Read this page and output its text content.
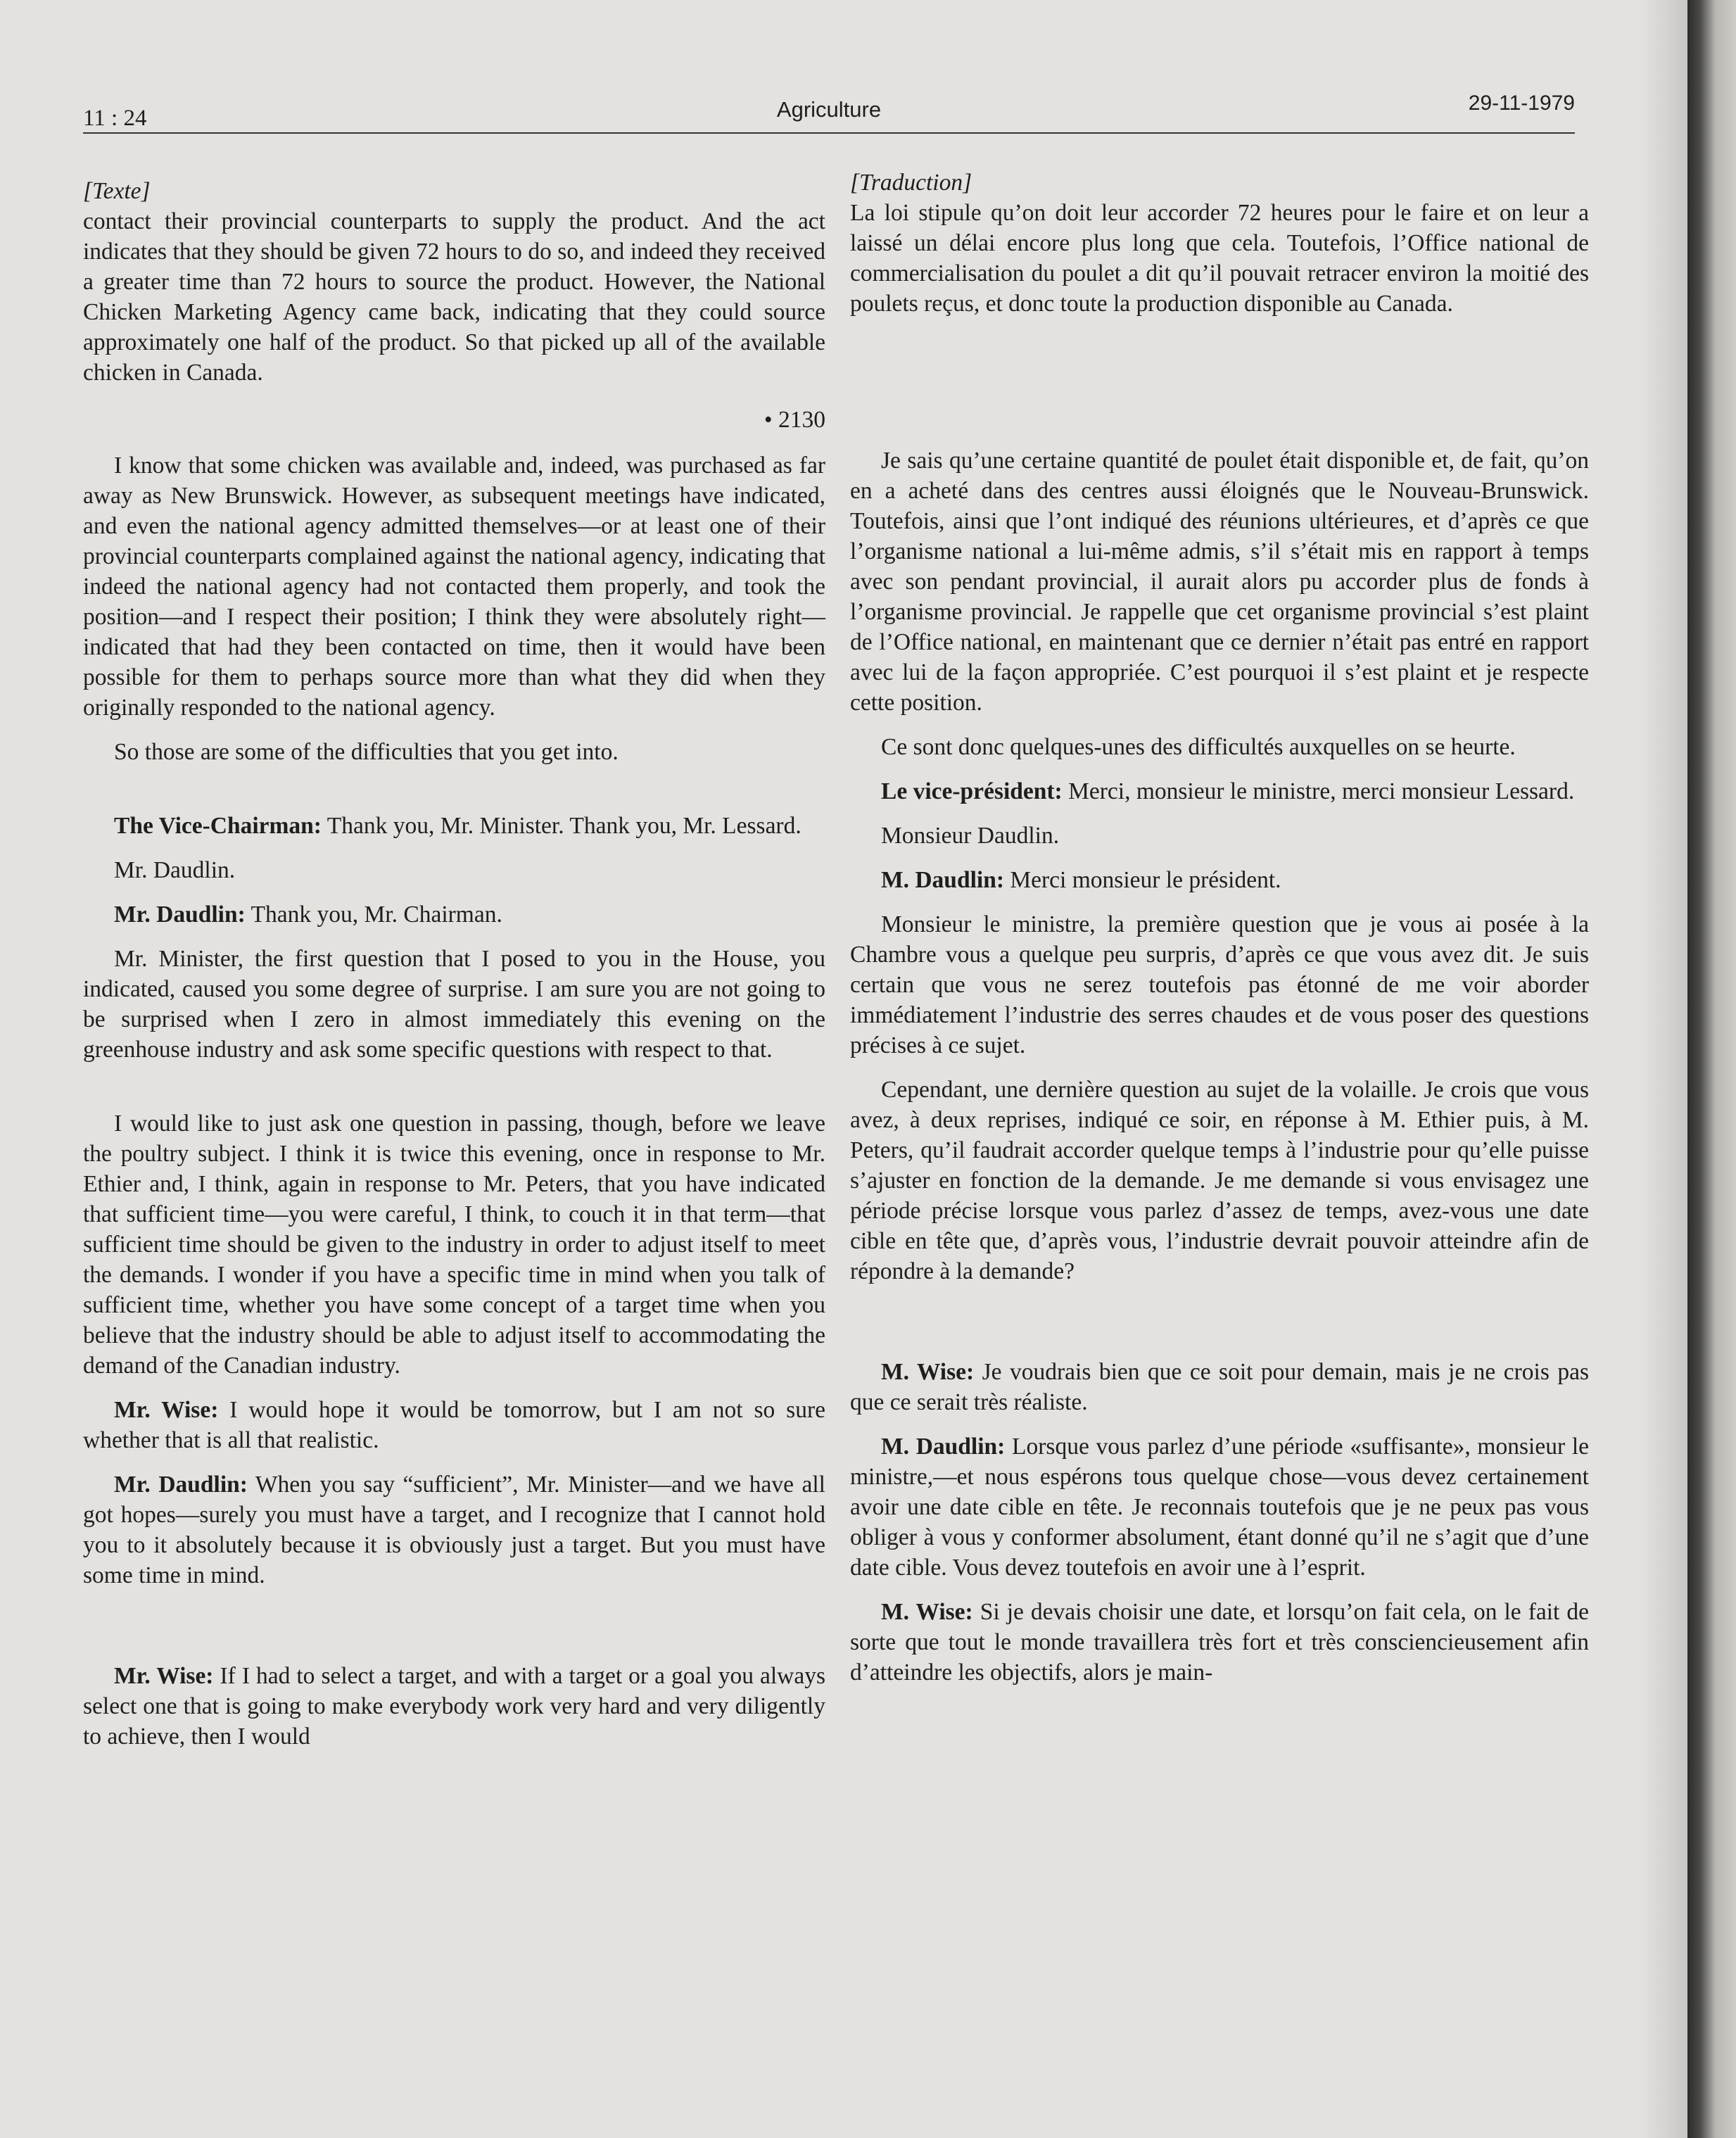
11 : 24	Agriculture	29-11-1979

[Texte]

contact their provincial counterparts to supply the product. And the act indicates that they should be given 72 hours to do so, and indeed they received a greater time than 72 hours to source the product. However, the National Chicken Marketing Agency came back, indicating that they could source approximately one half of the product. So that picked up all of the available chicken in Canada.

• 2130

I know that some chicken was available and, indeed, was purchased as far away as New Brunswick. However, as subsequent meetings have indicated, and even the national agency admitted themselves—or at least one of their provincial counterparts complained against the national agency, indicating that indeed the national agency had not contacted them properly, and took the position—and I respect their position; I think they were absolutely right—indicated that had they been contacted on time, then it would have been possible for them to perhaps source more than what they did when they originally responded to the national agency.

So those are some of the difficulties that you get into.

The Vice-Chairman: Thank you, Mr. Minister. Thank you, Mr. Lessard.

Mr. Daudlin.

Mr. Daudlin: Thank you, Mr. Chairman.

Mr. Minister, the first question that I posed to you in the House, you indicated, caused you some degree of surprise. I am sure you are not going to be surprised when I zero in almost immediately this evening on the greenhouse industry and ask some specific questions with respect to that.

I would like to just ask one question in passing, though, before we leave the poultry subject. I think it is twice this evening, once in response to Mr. Ethier and, I think, again in response to Mr. Peters, that you have indicated that sufficient time—you were careful, I think, to couch it in that term—that sufficient time should be given to the industry in order to adjust itself to meet the demands. I wonder if you have a specific time in mind when you talk of sufficient time, whether you have some concept of a target time when you believe that the industry should be able to adjust itself to accommodating the demand of the Canadian industry.

Mr. Wise: I would hope it would be tomorrow, but I am not so sure whether that is all that realistic.

Mr. Daudlin: When you say “sufficient”, Mr. Minister—and we have all got hopes—surely you must have a target, and I recognize that I cannot hold you to it absolutely because it is obviously just a target. But you must have some time in mind.

Mr. Wise: If I had to select a target, and with a target or a goal you always select one that is going to make everybody work very hard and very diligently to achieve, then I would

[Traduction]

La loi stipule qu’on doit leur accorder 72 heures pour le faire et on leur a laissé un délai encore plus long que cela. Toutefois, l’Office national de commercialisation du poulet a dit qu’il pouvait retracer environ la moitié des poulets reçus, et donc toute la production disponible au Canada.

Je sais qu’une certaine quantité de poulet était disponible et, de fait, qu’on en a acheté dans des centres aussi éloignés que le Nouveau-Brunswick. Toutefois, ainsi que l’ont indiqué des réunions ultérieures, et d’après ce que l’organisme national a lui-même admis, s’il s’était mis en rapport à temps avec son pendant provincial, il aurait alors pu accorder plus de fonds à l’organisme provincial. Je rappelle que cet organisme provincial s’est plaint de l’Office national, en maintenant que ce dernier n’était pas entré en rapport avec lui de la façon appropriée. C’est pourquoi il s’est plaint et je respecte cette position.

Ce sont donc quelques-unes des difficultés auxquelles on se heurte.

Le vice-président: Merci, monsieur le ministre, merci monsieur Lessard.

Monsieur Daudlin.

M. Daudlin: Merci monsieur le président.

Monsieur le ministre, la première question que je vous ai posée à la Chambre vous a quelque peu surpris, d’après ce que vous avez dit. Je suis certain que vous ne serez toutefois pas étonné de me voir aborder immédiatement l’industrie des serres chaudes et de vous poser des questions précises à ce sujet.

Cependant, une dernière question au sujet de la volaille. Je crois que vous avez, à deux reprises, indiqué ce soir, en réponse à M. Ethier puis, à M. Peters, qu’il faudrait accorder quelque temps à l’industrie pour qu’elle puisse s’ajuster en fonction de la demande. Je me demande si vous envisagez une période précise lorsque vous parlez d’assez de temps, avez-vous une date cible en tête que, d’après vous, l’industrie devrait pouvoir atteindre afin de répondre à la demande?

M. Wise: Je voudrais bien que ce soit pour demain, mais je ne crois pas que ce serait très réaliste.

M. Daudlin: Lorsque vous parlez d’une période «suffisante», monsieur le ministre,—et nous espérons tous quelque chose—vous devez certainement avoir une date cible en tête. Je reconnais toutefois que je ne peux pas vous obliger à vous y conformer absolument, étant donné qu’il ne s’agit que d’une date cible. Vous devez toutefois en avoir une à l’esprit.

M. Wise: Si je devais choisir une date, et lorsqu’on fait cela, on le fait de sorte que tout le monde travaillera très fort et très consciencieusement afin d’atteindre les objectifs, alors je main-
